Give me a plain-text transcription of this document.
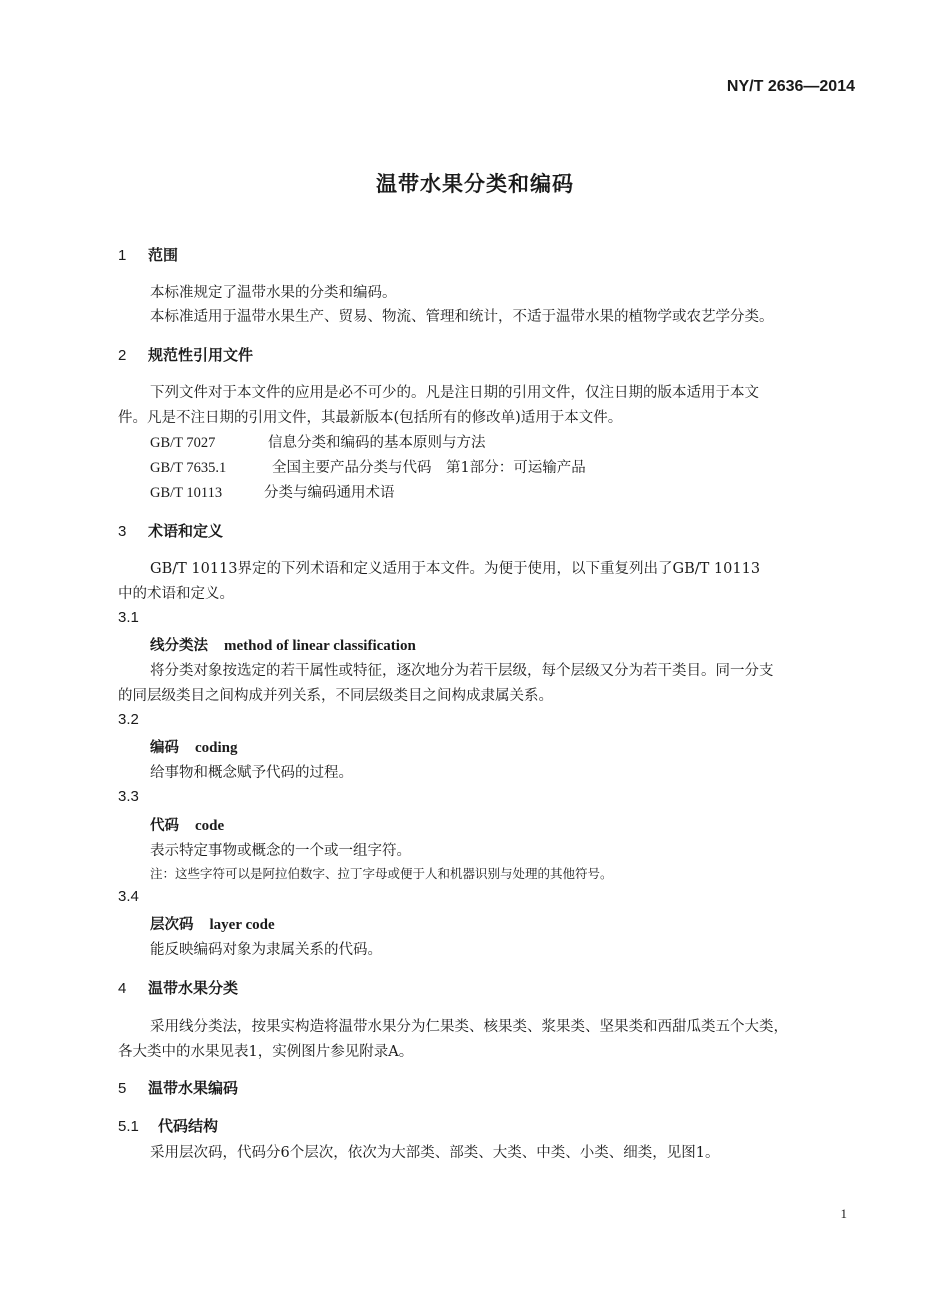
NY/T 2636—2014
温带水果分类和编码
1 范围
本标准规定了温带水果的分类和编码。
本标准适用于温带水果生产、贸易、物流、管理和统计，不适于温带水果的植物学或农艺学分类。
2 规范性引用文件
下列文件对于本文件的应用是必不可少的。凡是注日期的引用文件，仅注日期的版本适用于本文
件。凡是不注日期的引用文件，其最新版本(包括所有的修改单)适用于本文件。
GB/T 7027	信息分类和编码的基本原则与方法
GB/T 7635.1	全国主要产品分类与代码　第1部分：可运输产品
GB/T 10113	分类与编码通用术语
3 术语和定义
GB/T 10113界定的下列术语和定义适用于本文件。为便于使用，以下重复列出了GB/T 10113
中的术语和定义。
3.1
线分类法 method of linear classification
将分类对象按选定的若干属性或特征，逐次地分为若干层级，每个层级又分为若干类目。同一分支
的同层级类目之间构成并列关系，不同层级类目之间构成隶属关系。
3.2
编码 coding
给事物和概念赋予代码的过程。
3.3
代码 code
表示特定事物或概念的一个或一组字符。
注：这些字符可以是阿拉伯数字、拉丁字母或便于人和机器识别与处理的其他符号。
3.4
层次码 layer code
能反映编码对象为隶属关系的代码。
4 温带水果分类
采用线分类法，按果实构造将温带水果分为仁果类、核果类、浆果类、坚果类和西甜瓜类五个大类，
各大类中的水果见表1，实例图片参见附录A。
5 温带水果编码
5.1 代码结构
采用层次码，代码分6个层次，依次为大部类、部类、大类、中类、小类、细类，见图1。
1
